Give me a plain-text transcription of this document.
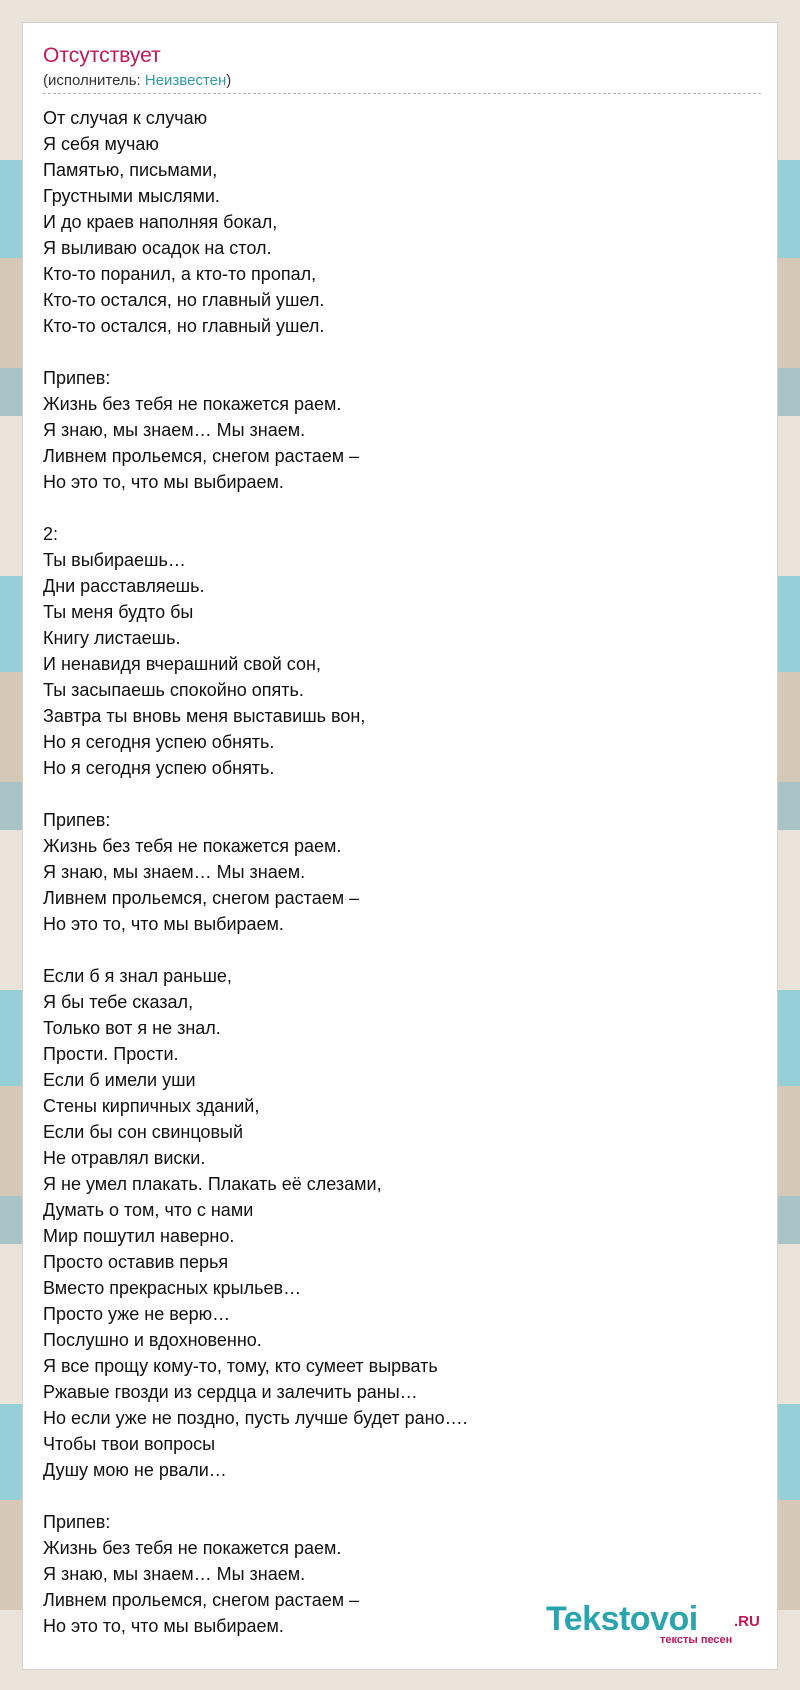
Отсутствует
(исполнитель: Неизвестен)
От случая к случаю
Я себя мучаю
Памятью, письмами,
Грустными мыслями.
И до краев наполняя бокал,
Я выливаю осадок на стол.
Кто-то поранил, а кто-то пропал,
Кто-то остался, но главный ушел.
Кто-то остался, но главный ушел.
Припев:
Жизнь без тебя не покажется раем.
Я знаю, мы знаем… Мы знаем.
Ливнем прольемся, снегом растаем –
Но это то, что мы выбираем.
2:
Ты выбираешь…
Дни расставляешь.
Ты меня будто бы
Книгу листаешь.
И ненавидя вчерашний свой сон,
Ты засыпаешь спокойно опять.
Завтра ты вновь меня выставишь вон,
Но я сегодня успею обнять.
Но я сегодня успею обнять.
Припев:
Жизнь без тебя не покажется раем.
Я знаю, мы знаем… Мы знаем.
Ливнем прольемся, снегом растаем –
Но это то, что мы выбираем.
Если б я знал раньше,
Я бы тебе сказал,
Только вот я не знал.
Прости. Прости.
Если б имели уши
Стены кирпичных зданий,
Если бы сон свинцовый
Не отравлял виски.
Я не умел плакать. Плакать её слезами,
Думать о том, что с нами
Мир пошутил наверно.
Просто оставив перья
Вместо прекрасных крыльев…
Просто уже не верю…
Послушно и вдохновенно.
Я все прощу кому-то, тому, кто сумеет вырвать
Ржавые гвозди из сердца и залечить раны…
Но если уже не поздно, пусть лучше будет рано….
Чтобы твои вопросы
Душу мою не рвали…
Припев:
Жизнь без тебя не покажется раем.
Я знаю, мы знаем… Мы знаем.
Ливнем прольемся, снегом растаем –
Но это то, что мы выбираем.	Tekstovoi .RU
тексты песен
